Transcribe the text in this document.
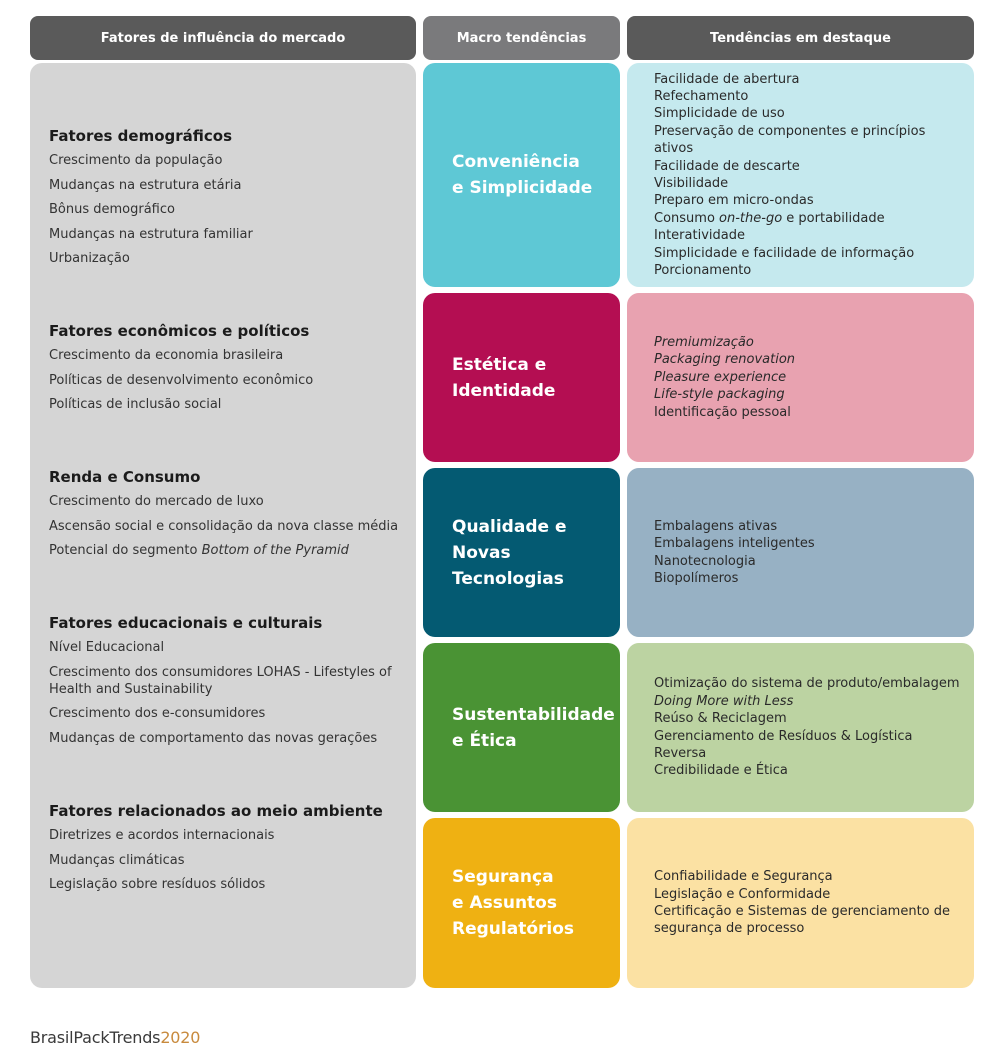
Fatores de influência do mercado	Macro tendências	Tendências em destaque
Fatores demográficos
Crescimento da população
Mudanças na estrutura etária
Bônus demográfico
Mudanças na estrutura familiar
Urbanização
Fatores econômicos e políticos
Crescimento da economia brasileira
Políticas de desenvolvimento econômico
Políticas de inclusão social
Renda e Consumo
Crescimento do mercado de luxo
Ascensão social e consolidação da nova classe média
Potencial do segmento Bottom of the Pyramid
Fatores educacionais e culturais
Nível Educacional
Crescimento dos consumidores LOHAS - Lifestyles of Health and Sustainability
Crescimento dos e-consumidores
Mudanças de comportamento das novas gerações
Fatores relacionados ao meio ambiente
Diretrizes e acordos internacionais
Mudanças climáticas
Legislação sobre resíduos sólidos
Conveniência
e Simplicidade
Facilidade de abertura
Refechamento
Simplicidade de uso
Preservação de componentes e princípios ativos
Facilidade de descarte
Visibilidade
Preparo em micro-ondas
Consumo on-the-go e portabilidade
Interatividade
Simplicidade e facilidade de informação
Porcionamento
Estética e
Identidade
Premiumização
Packaging renovation
Pleasure experience
Life-style packaging
Identificação pessoal
Qualidade e
Novas Tecnologias
Embalagens ativas
Embalagens inteligentes
Nanotecnologia
Biopolímeros
Sustentabilidade
e Ética
Otimização do sistema de produto/embalagem
Doing More with Less
Reúso & Reciclagem
Gerenciamento de Resíduos & Logística Reversa
Credibilidade e Ética
Segurança
e Assuntos
Regulatórios
Confiabilidade e Segurança
Legislação e Conformidade
Certificação e Sistemas de gerenciamento de segurança de processo
BrasilPackTrends2020
